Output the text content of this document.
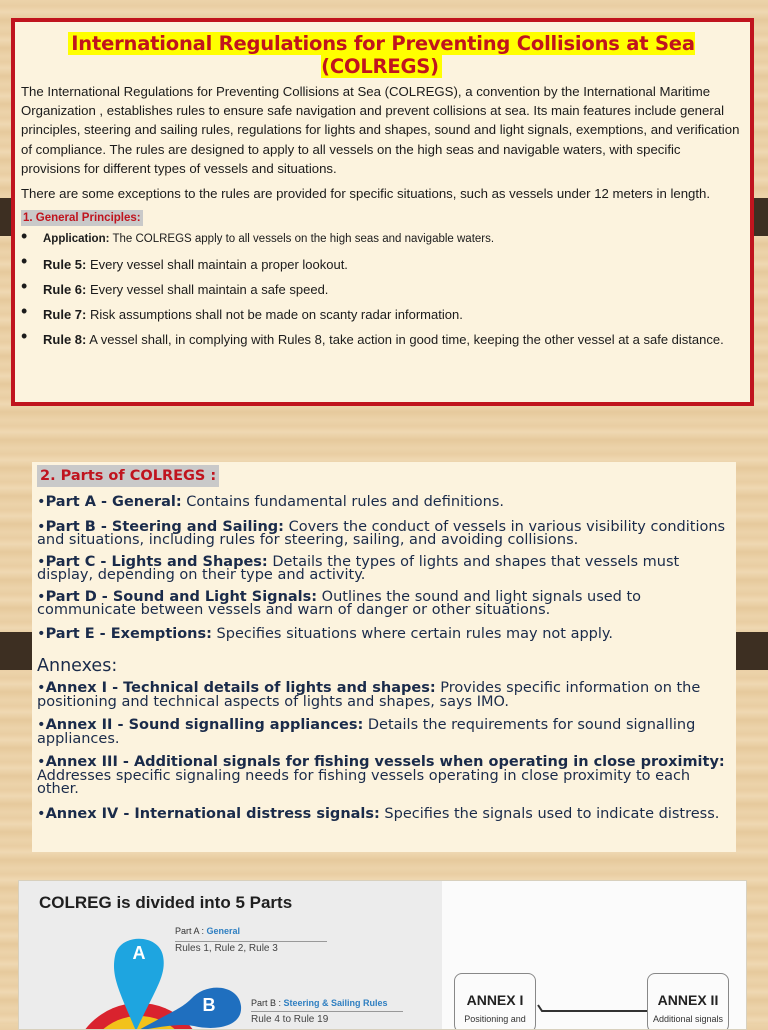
International Regulations for Preventing Collisions at Sea (COLREGS)

The International Regulations for Preventing Collisions at Sea (COLREGS), a convention by the International Maritime Organization , establishes rules to ensure safe navigation and prevent collisions at sea. Its main features include general principles, steering and sailing rules, regulations for lights and shapes, sound and light signals, exemptions, and verification of compliance. The rules are designed to apply to all vessels on the high seas and navigable waters, with specific provisions for different types of vessels and situations.

There are some exceptions to the rules are provided for specific situations, such as vessels under 12 meters in length.

1. General Principles:
• Application: The COLREGS apply to all vessels on the high seas and navigable waters.
• Rule 5: Every vessel shall maintain a proper lookout.
• Rule 6: Every vessel shall maintain a safe speed.
• Rule 7: Risk assumptions shall not be made on scanty radar information.
• Rule 8: A vessel shall, in complying with Rules 8, take action in good time, keeping the other vessel at a safe distance.
2. Parts of COLREGS :

•Part A - General: Contains fundamental rules and definitions.

•Part B - Steering and Sailing: Covers the conduct of vessels in various visibility conditions and situations, including rules for steering, sailing, and avoiding collisions.

•Part C - Lights and Shapes: Details the types of lights and shapes that vessels must display, depending on their type and activity.

•Part D - Sound and Light Signals: Outlines the sound and light signals used to communicate between vessels and warn of danger or other situations.

•Part E - Exemptions: Specifies situations where certain rules may not apply.

Annexes:

•Annex I - Technical details of lights and shapes: Provides specific information on the positioning and technical aspects of lights and shapes, says IMO.

•Annex II - Sound signalling appliances: Details the requirements for sound signalling appliances.

•Annex III - Additional signals for fishing vessels when operating in close proximity: Addresses specific signaling needs for fishing vessels operating in close proximity to each other.

•Annex IV - International distress signals: Specifies the signals used to indicate distress.

COLREG is divided into 5 Parts
A
B
Part A : General
Rules 1, Rule 2, Rule 3
Part B : Steering & Sailing Rules
Rule 4 to Rule 19
ANNEX I
Positioning and
ANNEX II
Additional signals
